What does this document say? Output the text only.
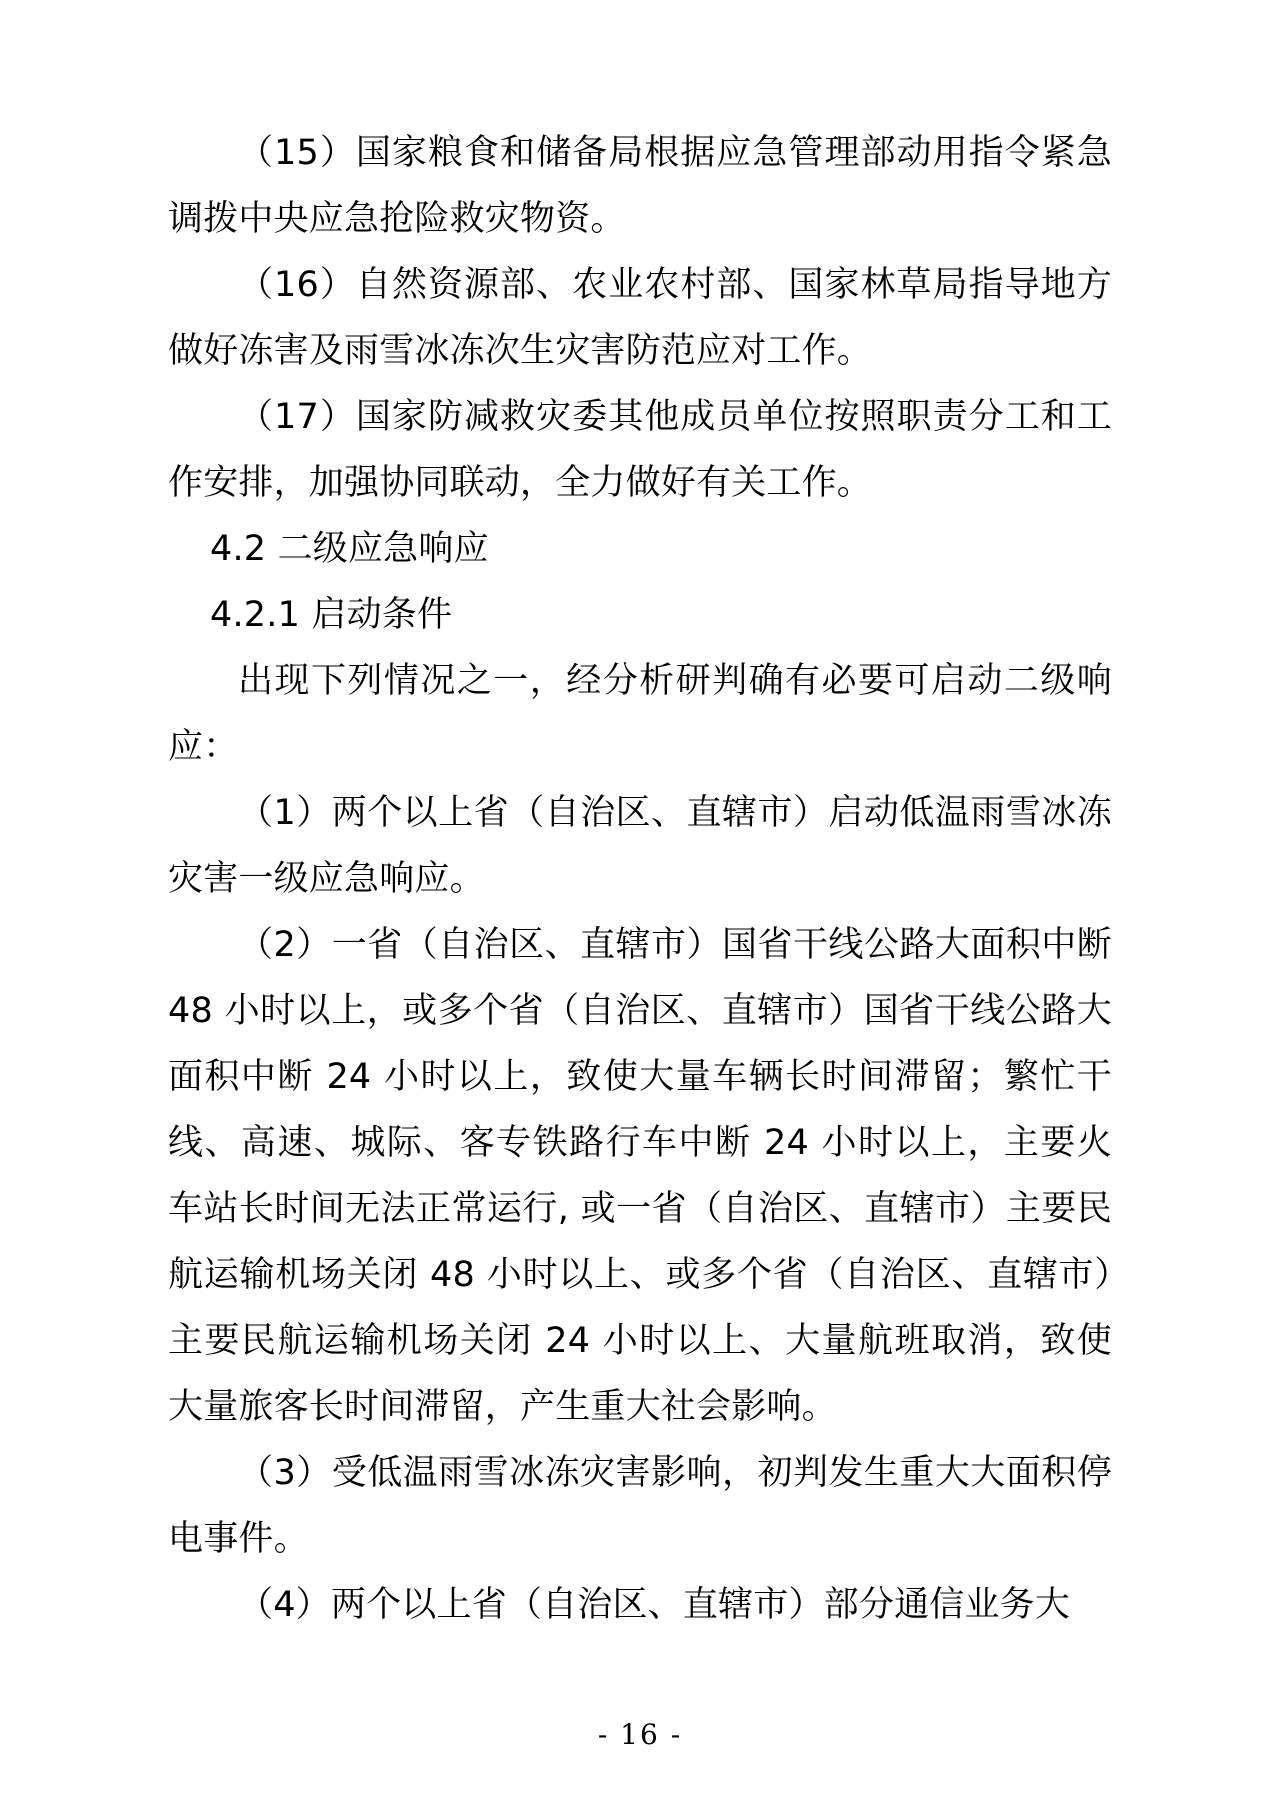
（15）国家粮食和储备局根据应急管理部动用指令紧急调拨中央应急抢险救灾物资。

（16）自然资源部、农业农村部、国家林草局指导地方做好冻害及雨雪冰冻次生灾害防范应对工作。

（17）国家防减救灾委其他成员单位按照职责分工和工作安排，加强协同联动，全力做好有关工作。

4.2 二级应急响应

4.2.1 启动条件

出现下列情况之一，经分析研判确有必要可启动二级响应：

（1）两个以上省（自治区、直辖市）启动低温雨雪冰冻灾害一级应急响应。

（2）一省（自治区、直辖市）国省干线公路大面积中断 48 小时以上，或多个省（自治区、直辖市）国省干线公路大面积中断 24 小时以上，致使大量车辆长时间滞留；繁忙干线、高速、城际、客专铁路行车中断 24 小时以上，主要火车站长时间无法正常运行, 或一省（自治区、直辖市）主要民航运输机场关闭 48 小时以上、或多个省（自治区、直辖市）主要民航运输机场关闭 24 小时以上、大量航班取消，致使大量旅客长时间滞留，产生重大社会影响。

（3）受低温雨雪冰冻灾害影响，初判发生重大大面积停电事件。

（4）两个以上省（自治区、直辖市）部分通信业务大

- 16 -
